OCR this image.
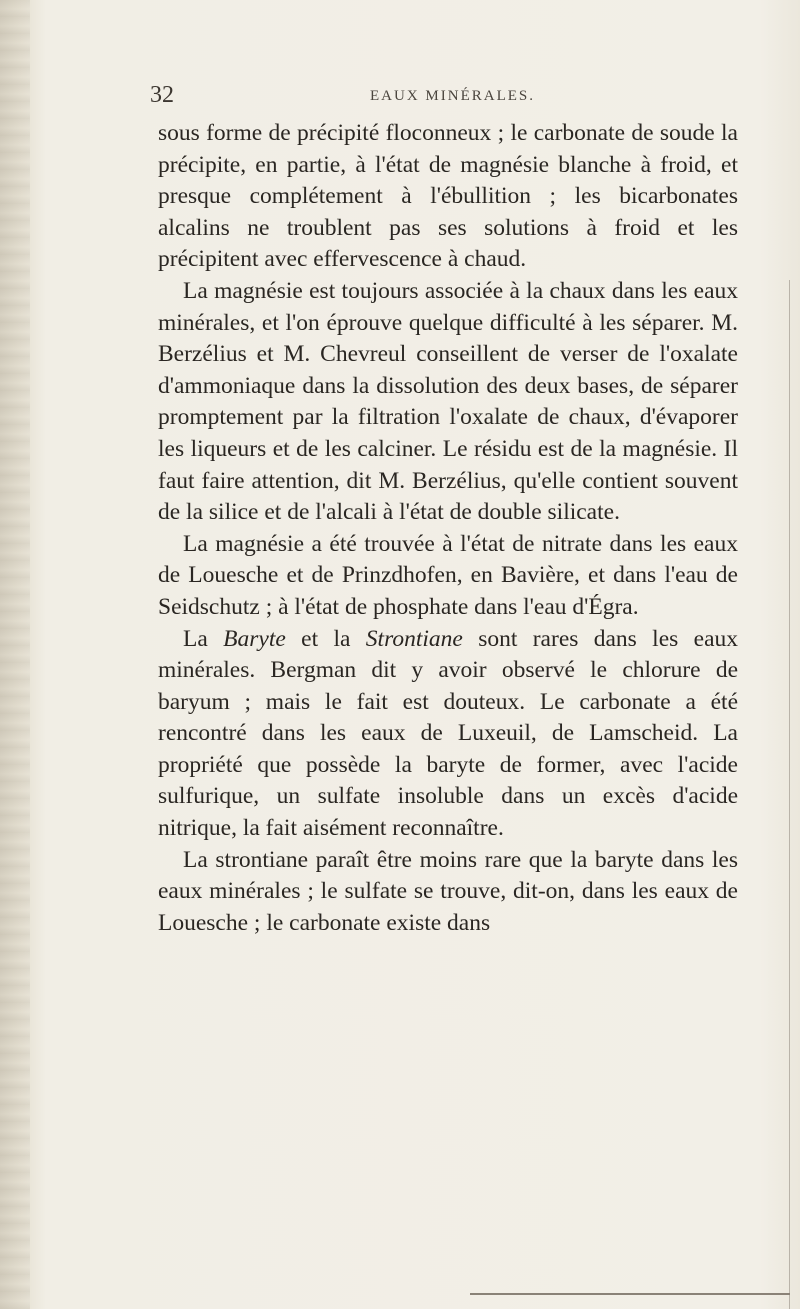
32	EAUX MINÉRALES.

sous forme de précipité floconneux ; le carbonate de soude la précipite, en partie, à l'état de magnésie blanche à froid, et presque complétement à l'ébullition ; les bicarbonates alcalins ne troublent pas ses solutions à froid et les précipitent avec effervescence à chaud.

La magnésie est toujours associée à la chaux dans les eaux minérales, et l'on éprouve quelque difficulté à les séparer. M. Berzélius et M. Chevreul conseillent de verser de l'oxalate d'ammoniaque dans la dissolution des deux bases, de séparer promptement par la filtration l'oxalate de chaux, d'évaporer les liqueurs et de les calciner. Le résidu est de la magnésie. Il faut faire attention, dit M. Berzélius, qu'elle contient souvent de la silice et de l'alcali à l'état de double silicate.

La magnésie a été trouvée à l'état de nitrate dans les eaux de Louesche et de Prinzdhofen, en Bavière, et dans l'eau de Seidschutz ; à l'état de phosphate dans l'eau d'Égra.

La Baryte et la Strontiane sont rares dans les eaux minérales. Bergman dit y avoir observé le chlorure de baryum ; mais le fait est douteux. Le carbonate a été rencontré dans les eaux de Luxeuil, de Lamscheid. La propriété que possède la baryte de former, avec l'acide sulfurique, un sulfate insoluble dans un excès d'acide nitrique, la fait aisément reconnaître.

La strontiane paraît être moins rare que la baryte dans les eaux minérales ; le sulfate se trouve, dit-on, dans les eaux de Louesche ; le carbonate existe dans
